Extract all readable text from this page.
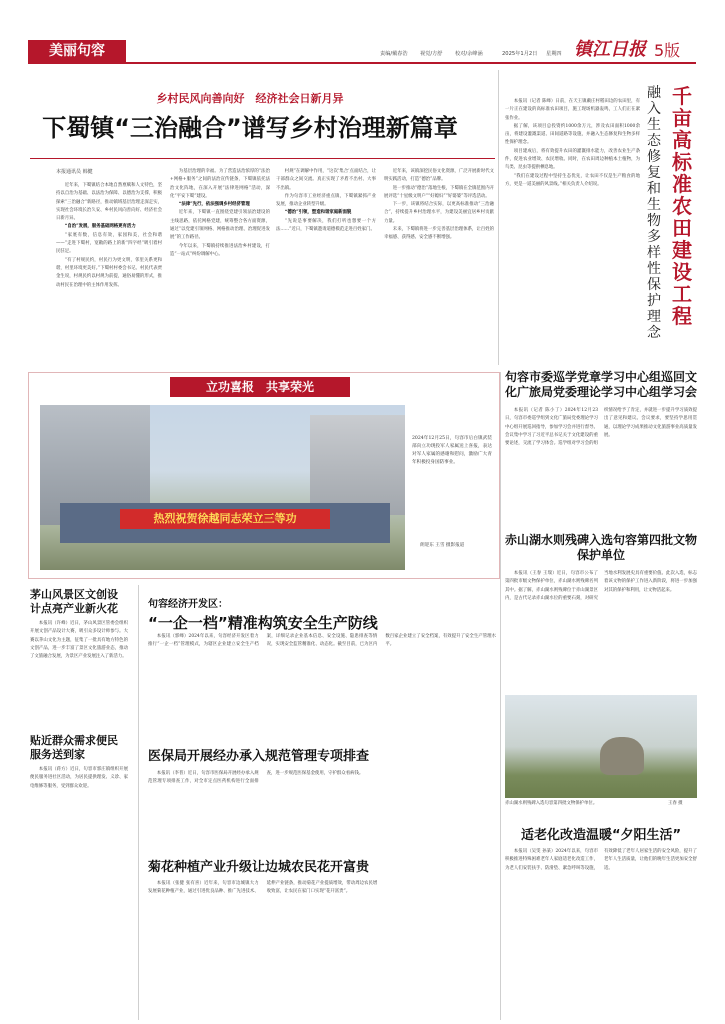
美丽句容	责编/戴春浩 视觉/方舒 校对/余峰涵	2025年1月2日 星期四 镇江日报 5版
乡村民风向善向好　经济社会日新月异
下蜀镇“三治融合”谱写乡村治理新篇章
本报通讯员 韩健

近年来，下蜀镇结合本地自然禀赋和人文特色，坚持以自治为基础、以法治为保障、以德治为支撑，积极探索“三治融合”新路径，推动镇域基层治理走深走实，实现社会环境长治久安、乡村民风向善向好、经济社会日新月异。

“自治”发展，服务基础网格更有活力

“家底有数，信息有效，家园和美，社会和谐——”走进下蜀村，宽敞的路上的新“四字经”吸引着村民驻足。

“有了村规民约，村民行为更文明，邻里关系更和谐，村里环境更美好。”下蜀村村委会书记、村民代表贾金生说，村规民约以村规为前提，通俗易懂的形式，推动村民在治理中的主体作用发挥。

为基层治理的幸福。为了营造法治浓厚的“法治+网格+服务”之间的法治宣传链条，下蜀镇依托法治文化阵地，在深入开展“法律进网格”活动，深化“平安下蜀”建设。

“法律”先行，依法强调乡村经济管理

近年来，下蜀镇一直围绕党建引领法治建设的主线思路，依托网格党建，统筹整合各方面资源，通过“以党建引领网格、网格推动治理、治理促进发展”的工作路径。

今年以来，下蜀镇持续推进法治乡村建设，打造“一站式”纠纷调解中心。

村规”在调解中作用，“这次‘集合’点面结合，让干部群众之间交流。真正实现了矛盾不出村、大事不出镇。

作为句容市工业经济重点镇，下蜀镇紧抓产业发展，推动企业转型升级。

“德治”引领，塑造和谐家庭新面貌

“先说是事要解决，我们打听也想要一个方法……”近日，下蜀镇邀请道德模范走进百姓家门。

近年来，该镇深挖民俗文化资源，广泛开展新时代文明实践活动，打造“德治”品牌。

进一步推动“德治”落地生根，下蜀镇在全镇范围内开展评选“十星级文明户”“好媳妇”“好婆婆”等评选活动。

下一步，该镇将结合实际，以更高标准推动“三治融合”，持续提升乡村治理水平，为建设美丽宜居乡村贡献力量。

未来，下蜀镇将进一步完善基层治理体系，让百姓的幸福感、获得感、安全感不断增强。

千亩高标准农田建设工程
融入生态修复和生物多样性保护理念

本报讯（记者 陈峰）日前，在天王镇戴庄村稻田边的农田里，有一片正在建设的高标准农田项目，施工现场机器轰鸣，工人们正在紧张作业。

据了解，该项目总投资约1000余万元，涉及农田面积1000余亩，将建设灌溉渠道、田间道路等设施，并融入生态修复和生物多样性保护理念。

项目建成后，将有效提升农田的灌溉排水能力，改善农业生产条件，促进农业增效、农民增收。同时，在农田周边种植本土植物，为鸟类、昆虫等提供栖息地。

“我们在建设过程中坚持生态优先，让农田不仅是生产粮食的地方，更是一道美丽的风景线。”相关负责人介绍说。

立功喜报　共享荣光
热烈祝贺徐越同志荣立三等功
2024年12月25日，句容市后白镇武装部向立功现役军人家属送上喜报，表达对军人家属的感谢和慰问，激励广大青年积极投身国防事业。
朗迎东 王雪 摄影报道
句容市委巡学党章学习中心组巡回文化广旅局党委理论学习中心组学习会

本报讯（记者 陈小丁）2024年12月23日，句容市委巡学组到文化广旅局党委理论学习中心组开展巡回指导，参加学习会并进行督导。会议集中学习了习近平总书记关于文化建设的重要论述，交流了学习体会。巡学组对学习会的组织情况给予了肯定，并就进一步提升学习质效提出了意见和建议。会议要求，要坚持学思用贯通，以理论学习成果推动文化旅游事业高质量发展。

赤山湖水则残碑入选句容第四批文物保护单位

本报讯（王春 王瑞）近日，句容市公布了第四批市级文物保护单位，赤山湖水则残碑名列其中。据了解，赤山湖水则残碑位于赤山湖景区内，是古代记录赤山湖水位的重要石刻，对研究当地水利发展史具有重要价值。此次入选，标志着该文物的保护工作进入新阶段，将进一步加强对其的保护和利用，让文物活起来。

赤山湖水则残碑入选句容第四批文物保护单位。	王春 摄
茅山风景区文创设计点亮产业新火花

本报讯（许峰）近日，茅山风景区管委会组织开展文创产品设计大赛，吸引众多设计师参与。大赛以茅山文化为主题，征集了一批具有地方特色的文创产品，进一步丰富了景区文化旅游业态，推动了文旅融合发展，为景区产业发展注入了新活力。

句容经济开发区：
“一企一档”精准构筑安全生产防线

本报讯（郭峰）2024年以来，句容经济开发区着力推行“一企一档”管理模式，为辖区企业建立安全生产档案，详细记录企业基本信息、安全设施、隐患排查等情况，实现安全监管精准化、动态化。截至目前，已为区内数百家企业建立了安全档案，有效提升了安全生产管理水平。

贴近群众需求便民服务送到家

本报讯（蒋方）近日，句容市郭庄镇组织开展便民服务进社区活动，为居民提供理发、义诊、家电维修等服务，受到群众欢迎。

医保局开展经办承入规范管理专项排查

本报讯（李普）近日，句容市医保局开展经办承入规范管理专项排查工作，对全市定点医药机构进行全面排查，进一步规范医保基金使用，守护群众看病钱。

菊花种植产业升级让边城农民花开富贵

本报讯（张健 张有喜）近年来，句容市边城镇大力发展菊花种植产业，通过引进优良品种、推广先进技术、延伸产业链条，推动菊花产业提质增效，带动周边农民增收致富，让农民在家门口实现“花开富贵”。

适老化改造温暖“夕阳生活”

本报讯（吴雯 孙某）2024年以来，句容市积极推进特殊困难老年人家庭适老化改造工作，为老人们安装扶手、防滑垫、紧急呼叫等设施，有效降低了老年人居家生活的安全风险，提升了老年人生活质量，让他们的晚年生活更加安全舒适。
